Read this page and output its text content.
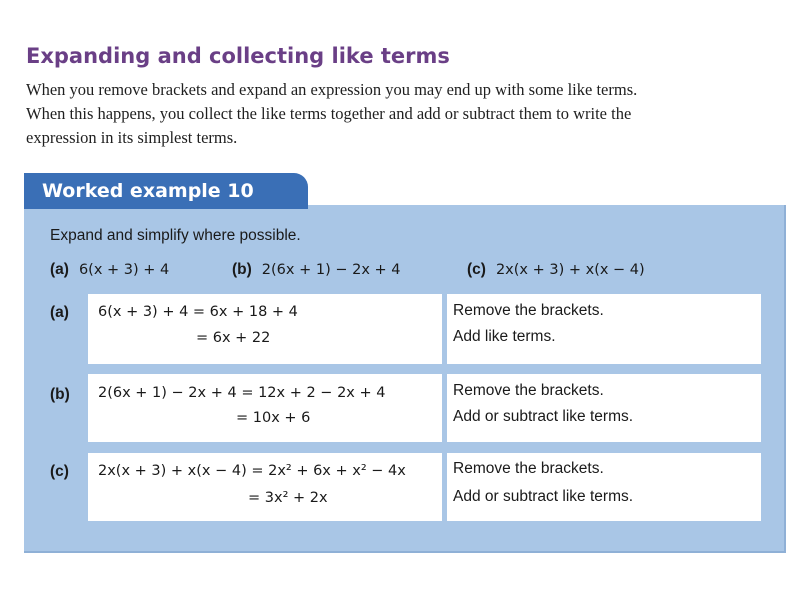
Expanding and collecting like terms

When you remove brackets and expand an expression you may end up with some like terms.

When this happens, you collect the like terms together and add or subtract them to write the

expression in its simplest terms.

Worked example 10
Expand and simplify where possible.
(a) 6(x + 3) + 4	(b) 2(6x + 1) − 2x + 4	(c) 2x(x + 3) + x(x − 4)
(a) 6(x + 3) + 4 = 6x + 18 + 4
= 6x + 22
Remove the brackets.
Add like terms.
(b) 2(6x + 1) − 2x + 4 = 12x + 2 − 2x + 4
= 10x + 6
Remove the brackets.
Add or subtract like terms.
(c) 2x(x + 3) + x(x − 4) = 2x² + 6x + x² − 4x
= 3x² + 2x
Remove the brackets.
Add or subtract like terms.
